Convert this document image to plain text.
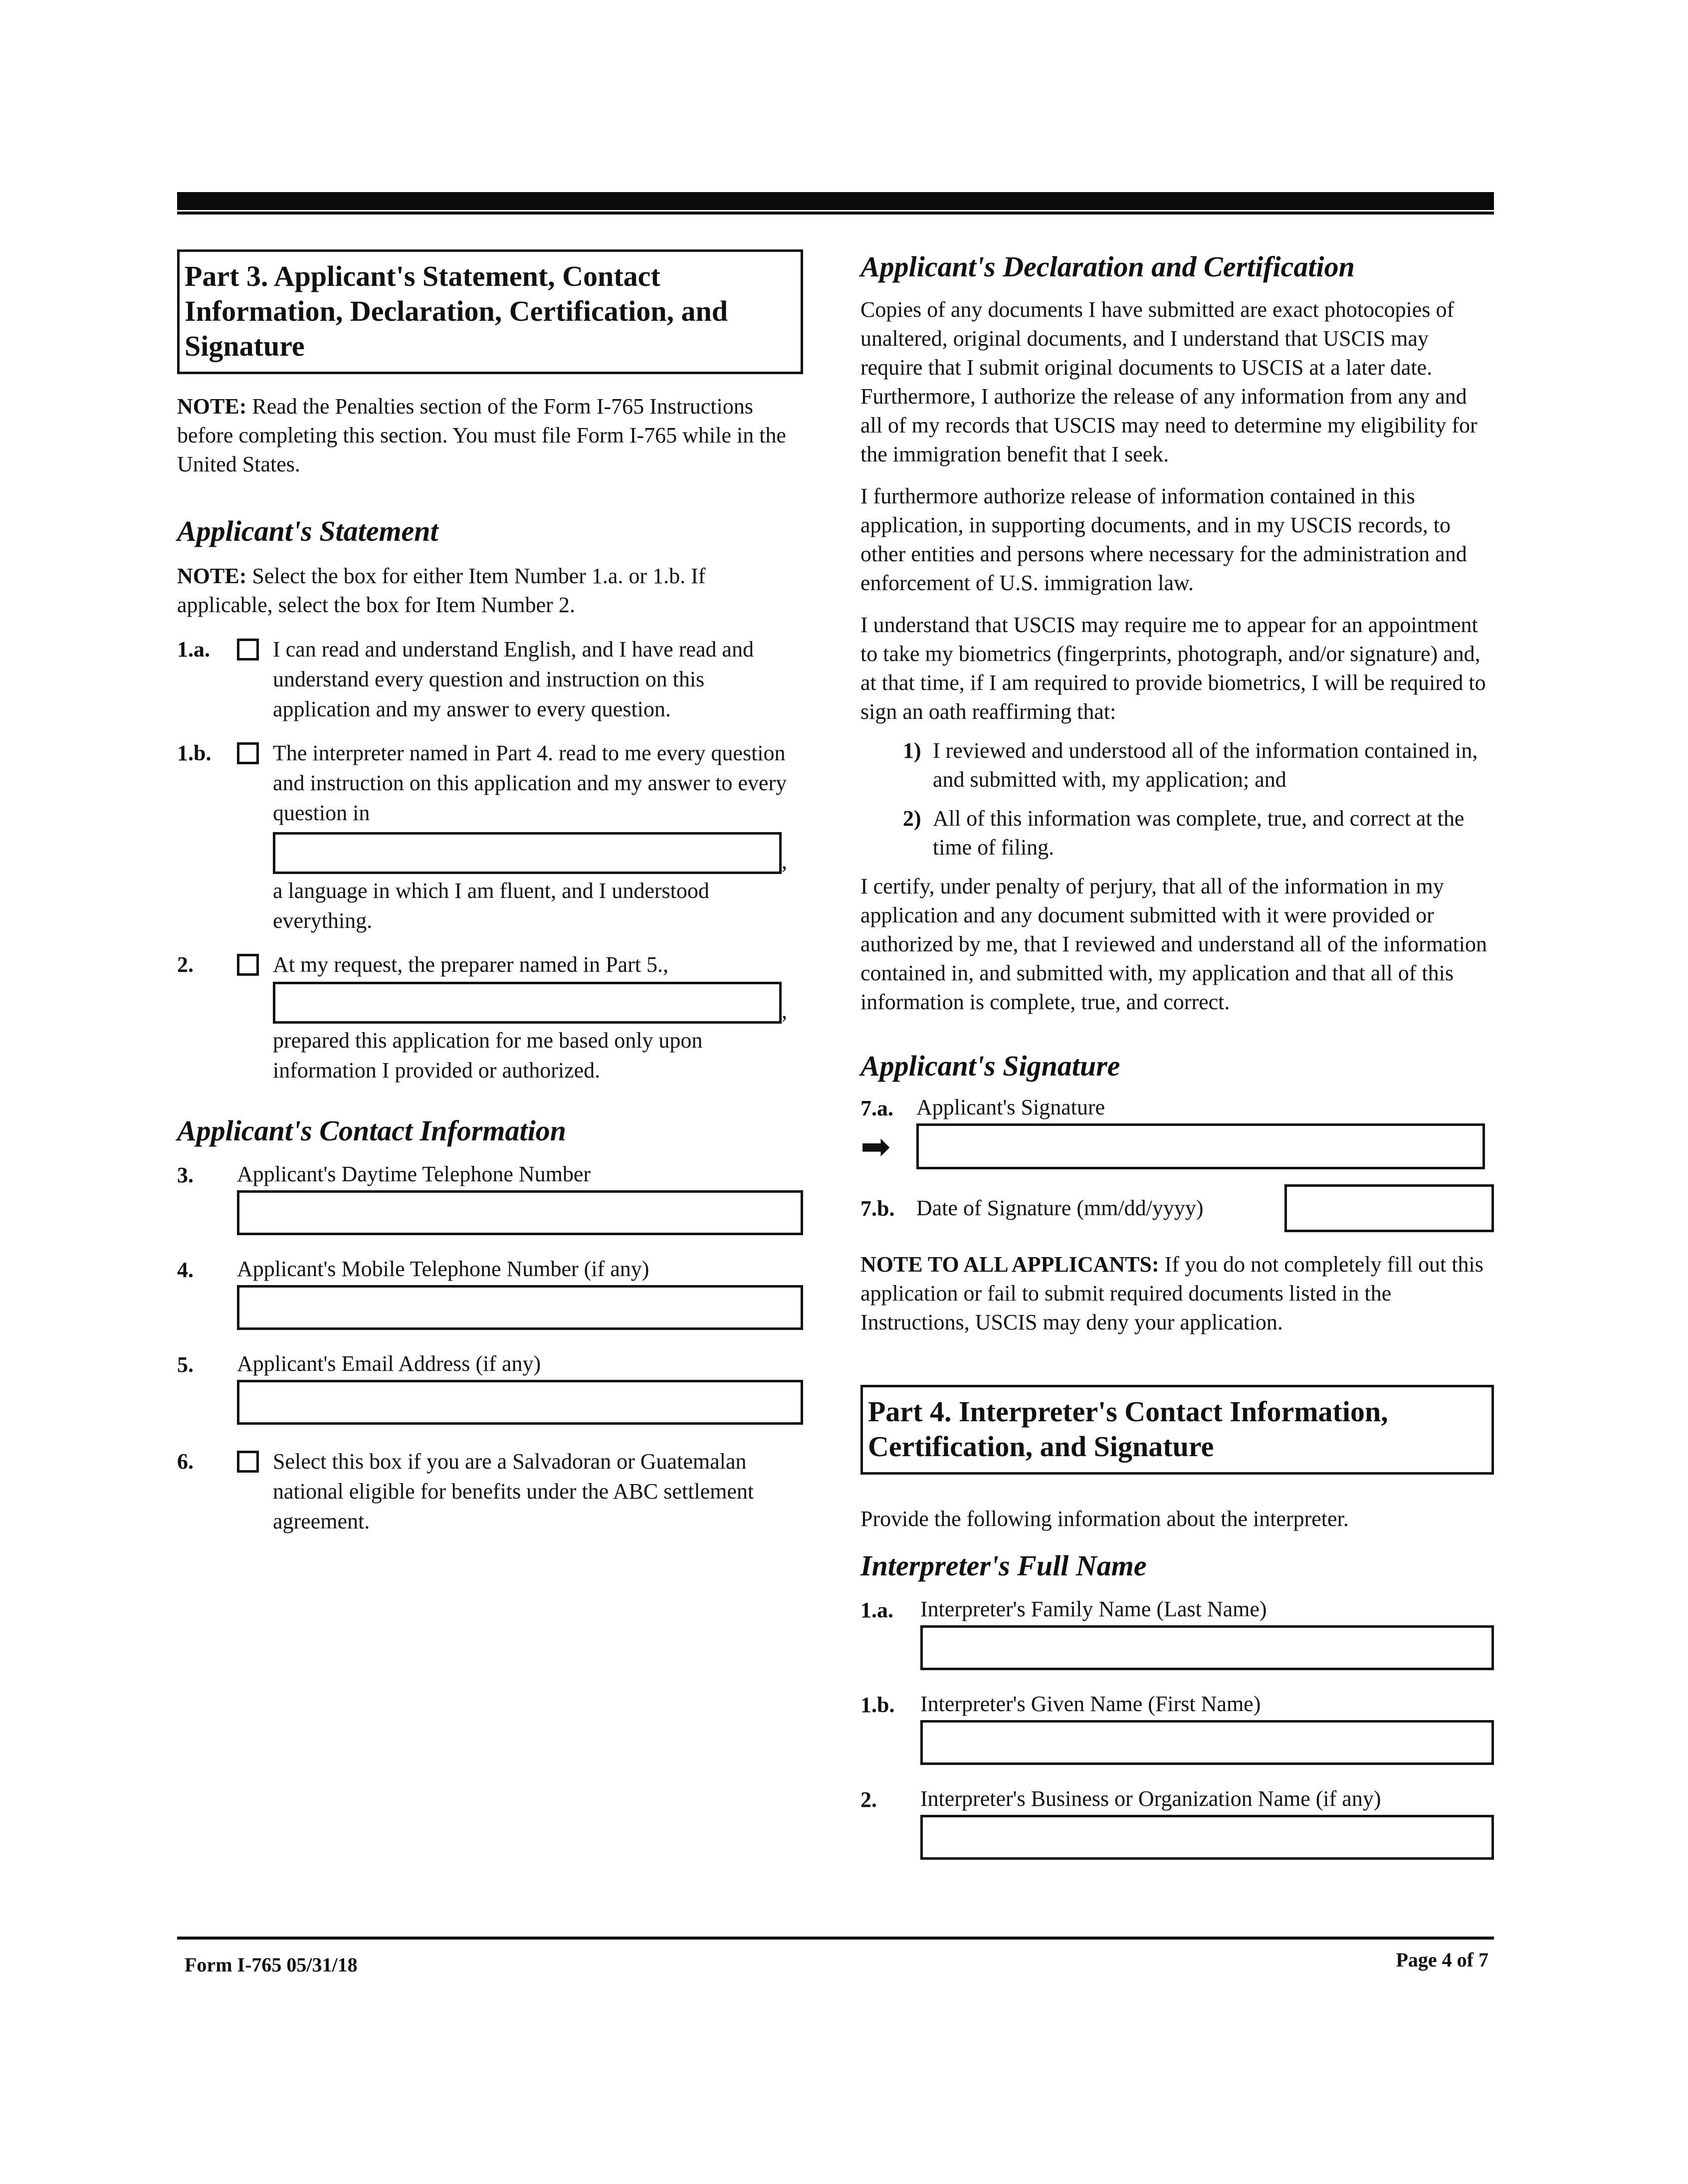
Part 3. Applicant's Statement, Contact Information, Declaration, Certification, and Signature
NOTE: Read the Penalties section of the Form I-765 Instructions before completing this section. You must file Form I-765 while in the United States.
Applicant's Statement
NOTE: Select the box for either Item Number 1.a. or 1.b. If applicable, select the box for Item Number 2.
1.a.	I can read and understand English, and I have read and understand every question and instruction on this application and my answer to every question.
1.b.	The interpreter named in Part 4. read to me every question and instruction on this application and my answer to every question in
,
a language in which I am fluent, and I understood everything.
2.	At my request, the preparer named in Part 5.,
,
prepared this application for me based only upon information I provided or authorized.
Applicant's Contact Information
3.	Applicant's Daytime Telephone Number
4.	Applicant's Mobile Telephone Number (if any)
5.	Applicant's Email Address (if any)
6.	Select this box if you are a Salvadoran or Guatemalan national eligible for benefits under the ABC settlement agreement.
Applicant's Declaration and Certification

Copies of any documents I have submitted are exact photocopies of unaltered, original documents, and I understand that USCIS may require that I submit original documents to USCIS at a later date. Furthermore, I authorize the release of any information from any and all of my records that USCIS may need to determine my eligibility for the immigration benefit that I seek.

I furthermore authorize release of information contained in this application, in supporting documents, and in my USCIS records, to other entities and persons where necessary for the administration and enforcement of U.S. immigration law.

I understand that USCIS may require me to appear for an appointment to take my biometrics (fingerprints, photograph, and/or signature) and, at that time, if I am required to provide biometrics, I will be required to sign an oath reaffirming that:

1) I reviewed and understood all of the information contained in, and submitted with, my application; and
2) All of this information was complete, true, and correct at the time of filing.

I certify, under penalty of perjury, that all of the information in my application and any document submitted with it were provided or authorized by me, that I reviewed and understand all of the information contained in, and submitted with, my application and that all of this information is complete, true, and correct.

Applicant's Signature
7.a.	Applicant's Signature
➡
7.b. Date of Signature (mm/dd/yyyy)
NOTE TO ALL APPLICANTS: If you do not completely fill out this application or fail to submit required documents listed in the Instructions, USCIS may deny your application.
Part 4. Interpreter's Contact Information, Certification, and Signature

Provide the following information about the interpreter.

Interpreter's Full Name
1.a.	Interpreter's Family Name (Last Name)
1.b.	Interpreter's Given Name (First Name)
2.	Interpreter's Business or Organization Name (if any)
Form I-765 05/31/18	Page 4 of 7
